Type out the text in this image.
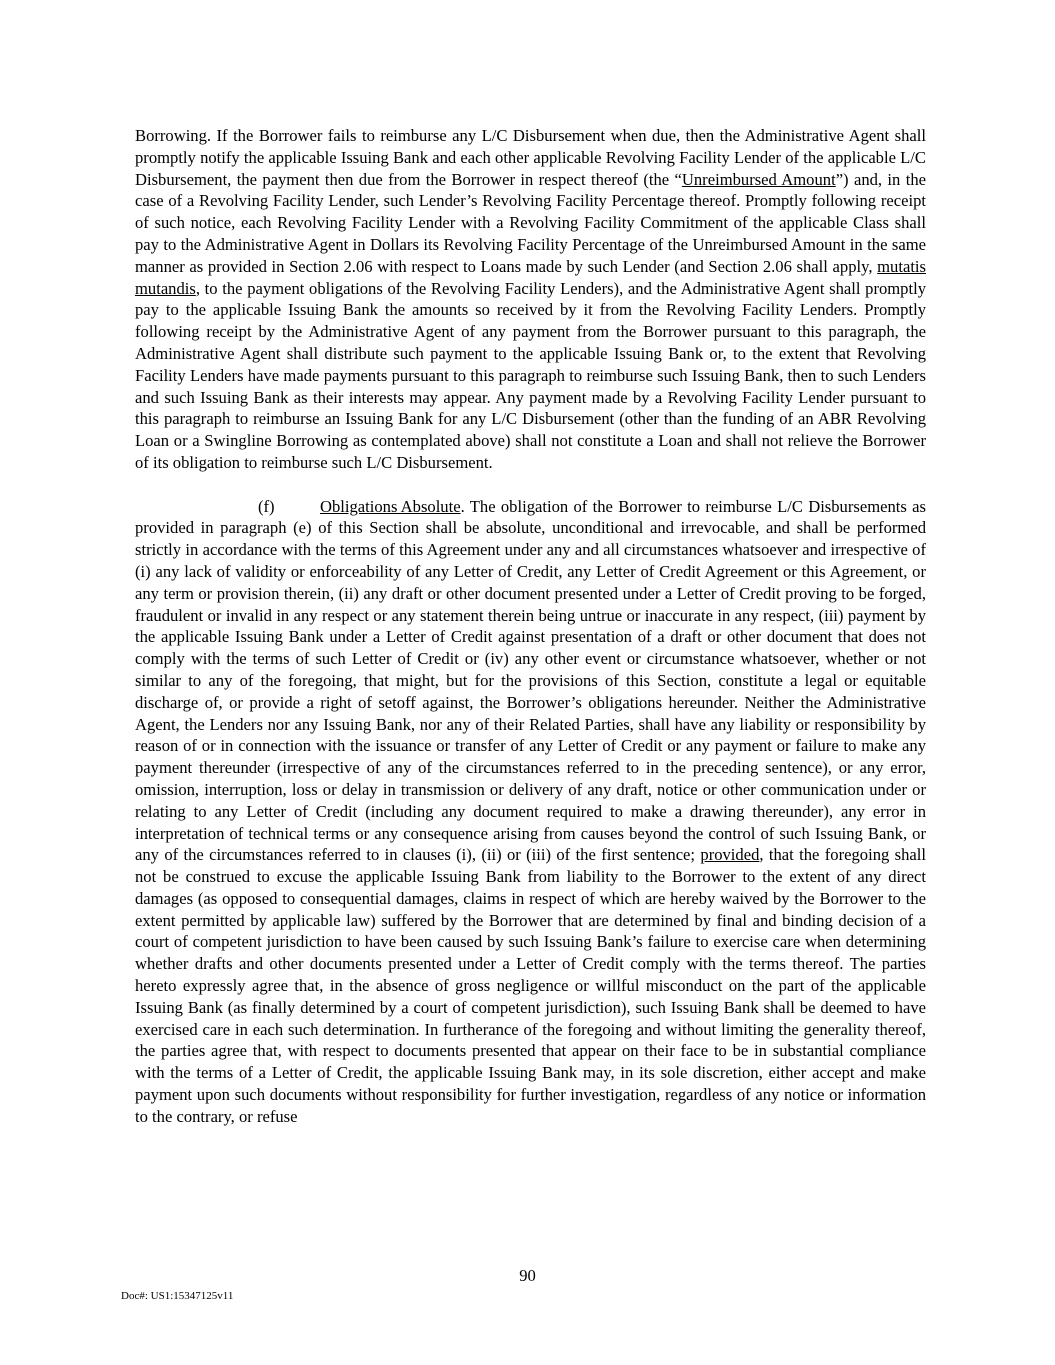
Borrowing. If the Borrower fails to reimburse any L/C Disbursement when due, then the Administrative Agent shall promptly notify the applicable Issuing Bank and each other applicable Revolving Facility Lender of the applicable L/C Disbursement, the payment then due from the Borrower in respect thereof (the “Unreimbursed Amount”) and, in the case of a Revolving Facility Lender, such Lender’s Revolving Facility Percentage thereof. Promptly following receipt of such notice, each Revolving Facility Lender with a Revolving Facility Commitment of the applicable Class shall pay to the Administrative Agent in Dollars its Revolving Facility Percentage of the Unreimbursed Amount in the same manner as provided in Section 2.06 with respect to Loans made by such Lender (and Section 2.06 shall apply, mutatis mutandis, to the payment obligations of the Revolving Facility Lenders), and the Administrative Agent shall promptly pay to the applicable Issuing Bank the amounts so received by it from the Revolving Facility Lenders. Promptly following receipt by the Administrative Agent of any payment from the Borrower pursuant to this paragraph, the Administrative Agent shall distribute such payment to the applicable Issuing Bank or, to the extent that Revolving Facility Lenders have made payments pursuant to this paragraph to reimburse such Issuing Bank, then to such Lenders and such Issuing Bank as their interests may appear. Any payment made by a Revolving Facility Lender pursuant to this paragraph to reimburse an Issuing Bank for any L/C Disbursement (other than the funding of an ABR Revolving Loan or a Swingline Borrowing as contemplated above) shall not constitute a Loan and shall not relieve the Borrower of its obligation to reimburse such L/C Disbursement.

(f)	Obligations Absolute. The obligation of the Borrower to reimburse L/C Disbursements as provided in paragraph (e) of this Section shall be absolute, unconditional and irrevocable, and shall be performed strictly in accordance with the terms of this Agreement under any and all circumstances whatsoever and irrespective of (i) any lack of validity or enforceability of any Letter of Credit, any Letter of Credit Agreement or this Agreement, or any term or provision therein, (ii) any draft or other document presented under a Letter of Credit proving to be forged, fraudulent or invalid in any respect or any statement therein being untrue or inaccurate in any respect, (iii) payment by the applicable Issuing Bank under a Letter of Credit against presentation of a draft or other document that does not comply with the terms of such Letter of Credit or (iv) any other event or circumstance whatsoever, whether or not similar to any of the foregoing, that might, but for the provisions of this Section, constitute a legal or equitable discharge of, or provide a right of setoff against, the Borrower’s obligations hereunder. Neither the Administrative Agent, the Lenders nor any Issuing Bank, nor any of their Related Parties, shall have any liability or responsibility by reason of or in connection with the issuance or transfer of any Letter of Credit or any payment or failure to make any payment thereunder (irrespective of any of the circumstances referred to in the preceding sentence), or any error, omission, interruption, loss or delay in transmission or delivery of any draft, notice or other communication under or relating to any Letter of Credit (including any document required to make a drawing thereunder), any error in interpretation of technical terms or any consequence arising from causes beyond the control of such Issuing Bank, or any of the circumstances referred to in clauses (i), (ii) or (iii) of the first sentence; provided, that the foregoing shall not be construed to excuse the applicable Issuing Bank from liability to the Borrower to the extent of any direct damages (as opposed to consequential damages, claims in respect of which are hereby waived by the Borrower to the extent permitted by applicable law) suffered by the Borrower that are determined by final and binding decision of a court of competent jurisdiction to have been caused by such Issuing Bank’s failure to exercise care when determining whether drafts and other documents presented under a Letter of Credit comply with the terms thereof. The parties hereto expressly agree that, in the absence of gross negligence or willful misconduct on the part of the applicable Issuing Bank (as finally determined by a court of competent jurisdiction), such Issuing Bank shall be deemed to have exercised care in each such determination. In furtherance of the foregoing and without limiting the generality thereof, the parties agree that, with respect to documents presented that appear on their face to be in substantial compliance with the terms of a Letter of Credit, the applicable Issuing Bank may, in its sole discretion, either accept and make payment upon such documents without responsibility for further investigation, regardless of any notice or information to the contrary, or refuse

90
Doc#: US1:15347125v11
